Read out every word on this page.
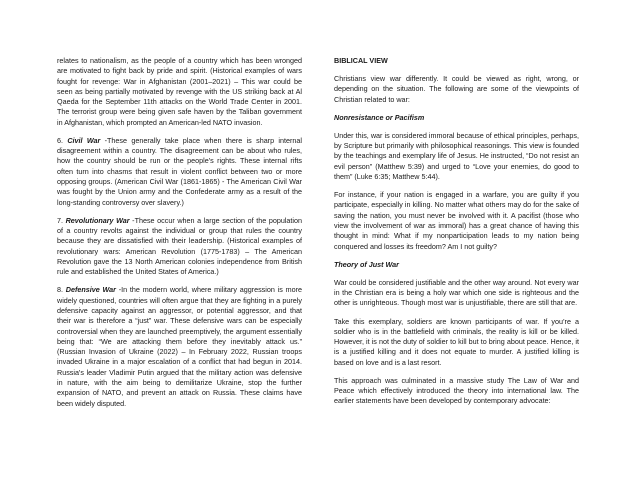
relates to nationalism, as the people of a country which has been wronged are motivated to fight back by pride and spirit. (Historical examples of wars fought for revenge: War in Afghanistan (2001–2021) – This war could be seen as being partially motivated by revenge with the US striking back at Al Qaeda for the September 11th attacks on the World Trade Center in 2001. The terrorist group were being given safe haven by the Taliban government in Afghanistan, which prompted an American-led NATO invasion.

6. Civil War -These generally take place when there is sharp internal disagreement within a country. The disagreement can be about who rules, how the country should be run or the people's rights. These internal rifts often turn into chasms that result in violent conflict between two or more opposing groups. (American Civil War (1861-1865) - The American Civil War was fought by the Union army and the Confederate army as a result of the long-standing controversy over slavery.)

7. Revolutionary War -These occur when a large section of the population of a country revolts against the individual or group that rules the country because they are dissatisfied with their leadership. (Historical examples of revolutionary wars: American Revolution (1775-1783) – The American Revolution gave the 13 North American colonies independence from British rule and established the United States of America.)

8. Defensive War -In the modern world, where military aggression is more widely questioned, countries will often argue that they are fighting in a purely defensive capacity against an aggressor, or potential aggressor, and that their war is therefore a “just” war. These defensive wars can be especially controversial when they are launched preemptively, the argument essentially being that: “We are attacking them before they inevitably attack us.” (Russian Invasion of Ukraine (2022) – In February 2022, Russian troops invaded Ukraine in a major escalation of a conflict that had begun in 2014. Russia's leader Vladimir Putin argued that the military action was defensive in nature, with the aim being to demilitarize Ukraine, stop the further expansion of NATO, and prevent an attack on Russia. These claims have been widely disputed.

BIBLICAL VIEW

Christians view war differently. It could be viewed as right, wrong, or depending on the situation. The following are some of the viewpoints of Christian related to war:

Nonresistance or Pacifism

Under this, war is considered immoral because of ethical principles, perhaps, by Scripture but primarily with philosophical reasonings. This view is founded by the teachings and exemplary life of Jesus. He instructed, “Do not resist an evil person” (Matthew 5:39) and urged to “Love your enemies, do good to them” (Luke 6:35; Matthew 5:44).

For instance, if your nation is engaged in a warfare, you are guilty if you participate, especially in killing. No matter what others may do for the sake of saving the nation, you must never be involved with it. A pacifist (those who view the involvement of war as immoral) has a great chance of having this thought in mind: What if my nonparticipation leads to my nation being conquered and losses its freedom? Am I not guilty?

Theory of Just War

War could be considered justifiable and the other way around. Not every war in the Christian era is being a holy war which one side is righteous and the other is unrighteous. Though most war is unjustifiable, there are still that are.

Take this exemplary, soldiers are known participants of war. If you’re a soldier who is in the battlefield with criminals, the reality is kill or be killed. However, it is not the duty of soldier to kill but to bring about peace. Hence, it is a justified killing and it does not equate to murder. A justified killing is based on love and is a last resort.

This approach was culminated in a massive study The Law of War and Peace which effectively introduced the theory into international law. The earlier statements have been developed by contemporary advocate:
